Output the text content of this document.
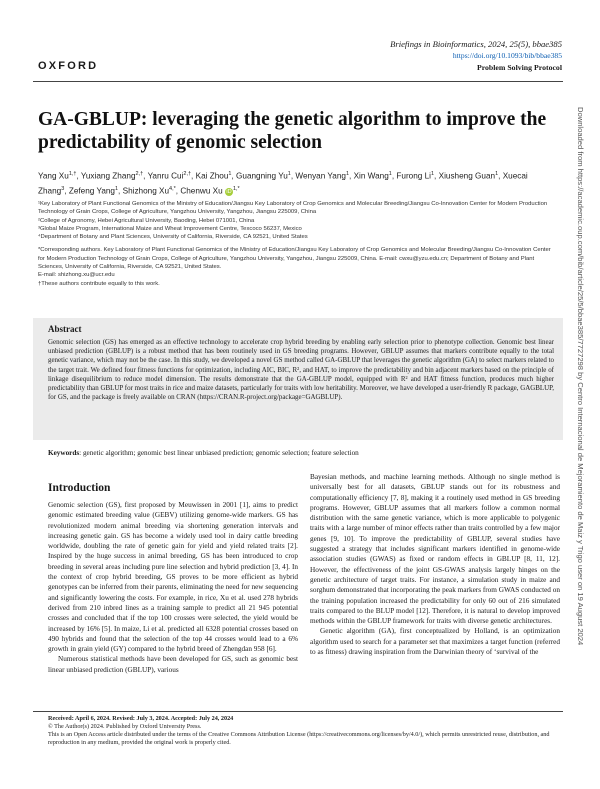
OXFORD
Briefings in Bioinformatics, 2024, 25(5), bbae385
https://doi.org/10.1093/bib/bbae385
Problem Solving Protocol
GA-GBLUP: leveraging the genetic algorithm to improve the predictability of genomic selection
Yang $Xu^{1,\dagger}$, Yuxiang Zhang$^{2,\dagger}$, Yanru Cui$^{2,\dagger}$, Kai Zhou$^1$, Guangning Yu$^1$, Wenyan Yang$^1$, Xin Wang$^1$, Furong Li$^1$, Xiusheng Guan$^1$, Xuecai Zhang$^3$, Zefeng Yang$^1$, Shizhong $Xu^{4,*}$, Chenwu Xu $iD^{1,*}$

¹Key Laboratory of Plant Functional Genomics of the Ministry of Education/Jiangsu Key Laboratory of Crop Genomics and Molecular Breeding/Jiangsu Co-Innovation Center for Modern Production Technology of Grain Crops, College of Agriculture, Yangzhou University, Yangzhou, Jiangsu 225009, China

²College of Agronomy, Hebei Agricultural University, Baoding, Hebei 071001, China

³Global Maize Program, International Maize and Wheat Improvement Centre, Texcoco 56237, Mexico

⁴Department of Botany and Plant Sciences, University of California, Riverside, CA 92521, United States

*Corresponding authors. Key Laboratory of Plant Functional Genomics of the Ministry of Education/Jiangsu Key Laboratory of Crop Genomics and Molecular Breeding/Jiangsu Co-Innovation Center for Modern Production Technology of Grain Crops, College of Agriculture, Yangzhou University, Yangzhou, Jiangsu 225009, China. E-mail: cwxu@yzu.edu.cn; Department of Botany and Plant Sciences, University of California, Riverside, CA 92521, United States.

E-mail: shizhong.xu@ucr.edu

†These authors contribute equally to this work.

Abstract
Genomic selection (GS) has emerged as an effective technology to accelerate crop hybrid breeding by enabling early selection prior to phenotype collection. Genomic best linear unbiased prediction (GBLUP) is a robust method that has been routinely used in GS breeding programs. However, GBLUP assumes that markers contribute equally to the total genetic variance, which may not be the case. In this study, we developed a novel GS method called GA-GBLUP that leverages the genetic algorithm (GA) to select markers related to the target trait. We defined four fitness functions for optimization, including AIC, BIC, R², and HAT, to improve the predictability and bin adjacent markers based on the principle of linkage disequilibrium to reduce model dimension. The results demonstrate that the GA-GBLUP model, equipped with R² and HAT fitness function, produces much higher predictability than GBLUP for most traits in rice and maize datasets, particularly for traits with low heritability. Moreover, we have developed a user-friendly R package, GAGBLUP, for GS, and the package is freely available on CRAN (https://CRAN.R-project.org/package=GAGBLUP).
Keywords: genetic algorithm; genomic best linear unbiased prediction; genomic selection; feature selection
Introduction

Genomic selection (GS), first proposed by Meuwissen in 2001 [1], aims to predict genomic estimated breeding value (GEBV) utilizing genome-wide markers. GS has revolutionized modern animal breeding via shortening generation intervals and increasing genetic gain. GS has become a widely used tool in dairy cattle breeding worldwide, doubling the rate of genetic gain for yield and yield related traits [2]. Inspired by the huge success in animal breeding, GS has been introduced to crop breeding in several areas including pure line selection and hybrid prediction [3, 4]. In the context of crop hybrid breeding, GS proves to be more efficient as hybrid genotypes can be inferred from their parents, eliminating the need for new sequencing and significantly lowering the costs. For example, in rice, Xu et al. used 278 hybrids derived from 210 inbred lines as a training sample to predict all 21 945 potential crosses and concluded that if the top 100 crosses were selected, the yield would be increased by 16% [5]. In maize, Li et al. predicted all 6328 potential crosses based on 490 hybrids and found that the selection of the top 44 crosses would lead to a 6% growth in grain yield (GY) compared to the hybrid breed of Zhengdan 958 [6].

Numerous statistical methods have been developed for GS, such as genomic best linear unbiased prediction (GBLUP), various

Bayesian methods, and machine learning methods. Although no single method is universally best for all datasets, GBLUP stands out for its robustness and computationally efficiency [7, 8], making it a routinely used method in GS breeding programs. However, GBLUP assumes that all markers follow a common normal distribution with the same genetic variance, which is more applicable to polygenic traits with a large number of minor effects rather than traits controlled by a few major genes [9, 10]. To improve the predictability of GBLUP, several studies have suggested a strategy that includes significant markers identified in genome-wide association studies (GWAS) as fixed or random effects in GBLUP [8, 11, 12]. However, the effectiveness of the joint GS-GWAS analysis largely hinges on the genetic architecture of target traits. For instance, a simulation study in maize and sorghum demonstrated that incorporating the peak markers from GWAS conducted on the training population increased the predictability for only 60 out of 216 simulated traits compared to the BLUP model [12]. Therefore, it is natural to develop improved methods within the GBLUP framework for traits with diverse genetic architectures.

Genetic algorithm (GA), first conceptualized by Holland, is an optimization algorithm used to search for a parameter set that maximizes a target function (referred to as fitness) drawing inspiration from the Darwinian theory of ‘survival of the

Received: April 6, 2024. Revised: July 3, 2024. Accepted: July 24, 2024

© The Author(s) 2024. Published by Oxford University Press.

This is an Open Access article distributed under the terms of the Creative Commons Attribution License (https://creativecommons.org/licenses/by/4.0/), which permits unrestricted reuse, distribution, and reproduction in any medium, provided the original work is properly cited.

Downloaded from https://academic.oup.com/bib/article/25/5/bbae385/7727298 by Centro Internacional de Mejoramiento de Maiz y Trigo user on 19 August 2024
